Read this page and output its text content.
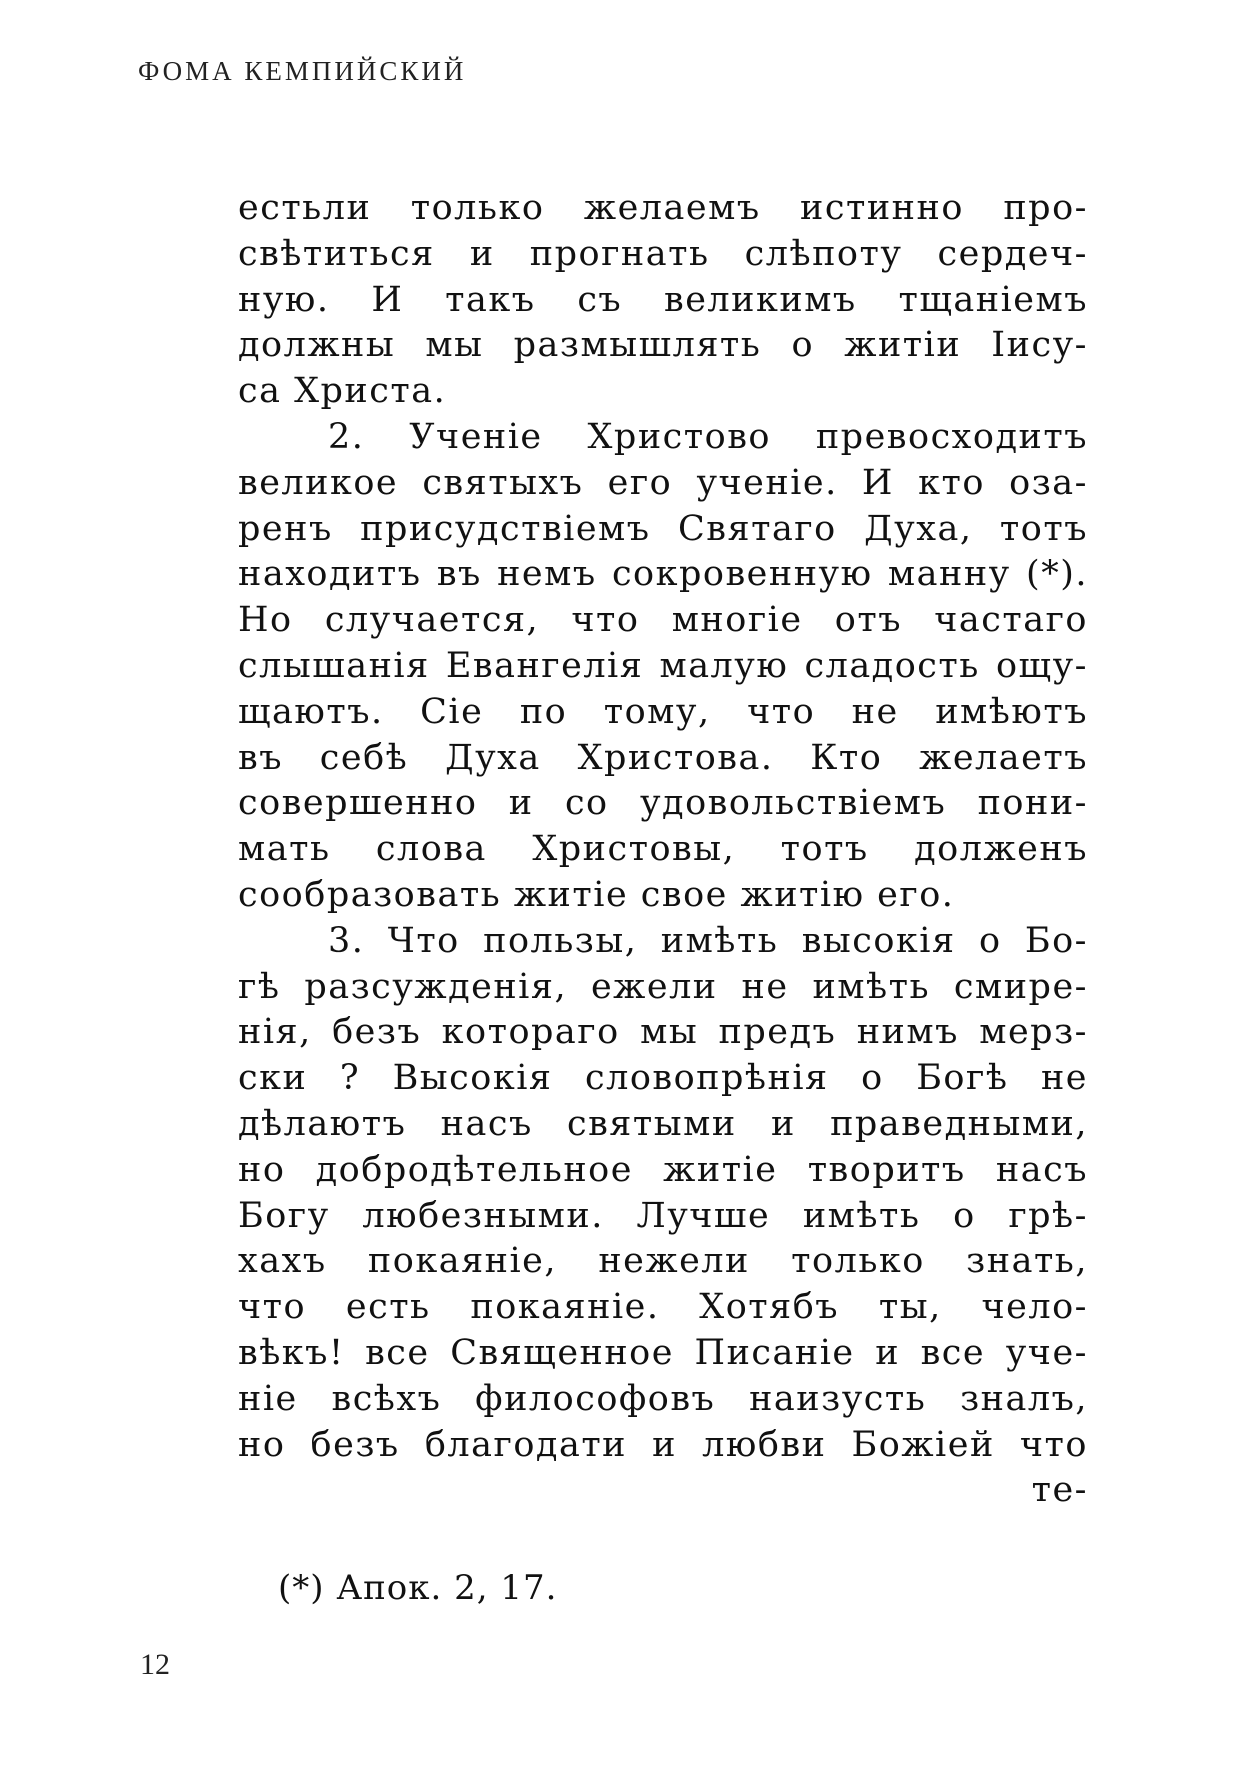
ФОМА КЕМПИЙСКИЙ
естьли только желаемъ истинно про-
свѣтиться и прогнать слѣпоту сердеч-
ную. И такъ съ великимъ тщаніемъ
должны мы размышлять о житіи Іису-
са Христа.
2. Ученіе Христово превосходитъ
великое святыхъ его ученіе. И кто оза-
ренъ присудствіемъ Святаго Духа, тотъ
находитъ въ немъ сокровенную манну (*).
Но случается, что многіе отъ частаго
слышанія Евангелія малую сладость ощу-
щаютъ. Сіе по тому, что не имѣютъ
въ себѣ Духа Христова. Кто желаетъ
совершенно и со удовольствіемъ пони-
мать слова Христовы, тотъ долженъ
сообразовать житіе свое житію его.
3. Что пользы, имѣть высокія о Бо-
гѣ разсужденія, ежели не имѣть смире-
нія, безъ котораго мы предъ нимъ мерз-
ски ? Высокія словопрѣнія о Богѣ не
дѣлаютъ насъ святыми и праведными,
но добродѣтельное житіе творитъ насъ
Богу любезными. Лучше имѣть о грѣ-
хахъ покаяніе, нежели только знать,
что есть покаяніе. Хотябъ ты, чело-
вѣкъ! все Священное Писаніе и все уче-
ніе всѣхъ философовъ наизусть зналъ,
но безъ благодати и любви Божіей что
те-
(*) Апок. 2, 17.
12
